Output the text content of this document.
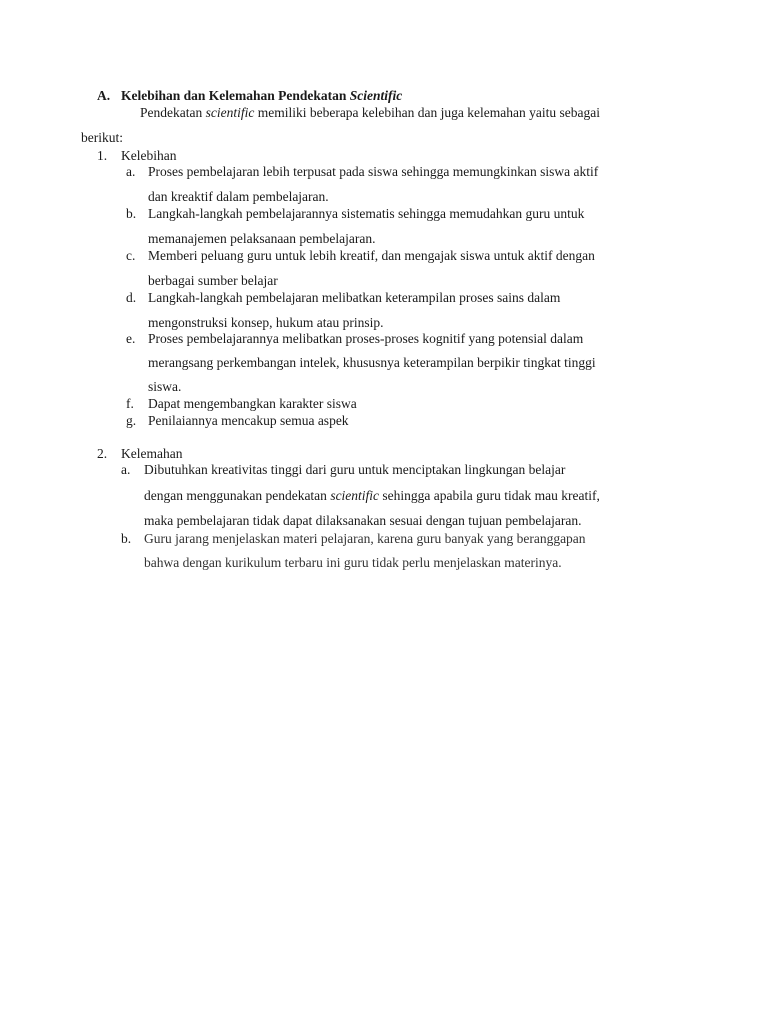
A. Kelebihan dan Kelemahan Pendekatan Scientific
Pendekatan scientific memiliki beberapa kelebihan dan juga kelemahan yaitu sebagai
berikut:
1. Kelebihan
a. Proses pembelajaran lebih terpusat pada siswa sehingga memungkinkan siswa aktif
dan kreaktif dalam pembelajaran.
b. Langkah-langkah pembelajarannya sistematis sehingga memudahkan guru untuk
memanajemen pelaksanaan pembelajaran.
c. Memberi peluang guru untuk lebih kreatif, dan mengajak siswa untuk aktif dengan
berbagai sumber belajar
d. Langkah-langkah pembelajaran melibatkan keterampilan proses sains dalam
mengonstruksi konsep, hukum atau prinsip.
e. Proses pembelajarannya melibatkan proses-proses kognitif yang potensial dalam
merangsang perkembangan intelek, khususnya keterampilan berpikir tingkat tinggi
siswa.
f. Dapat mengembangkan karakter siswa
g. Penilaiannya mencakup semua aspek
2. Kelemahan
a. Dibutuhkan kreativitas tinggi dari guru untuk menciptakan lingkungan belajar
dengan menggunakan pendekatan scientific sehingga apabila guru tidak mau kreatif,
maka pembelajaran tidak dapat dilaksanakan sesuai dengan tujuan pembelajaran.
b. Guru jarang menjelaskan materi pelajaran, karena guru banyak yang beranggapan
bahwa dengan kurikulum terbaru ini guru tidak perlu menjelaskan materinya.
